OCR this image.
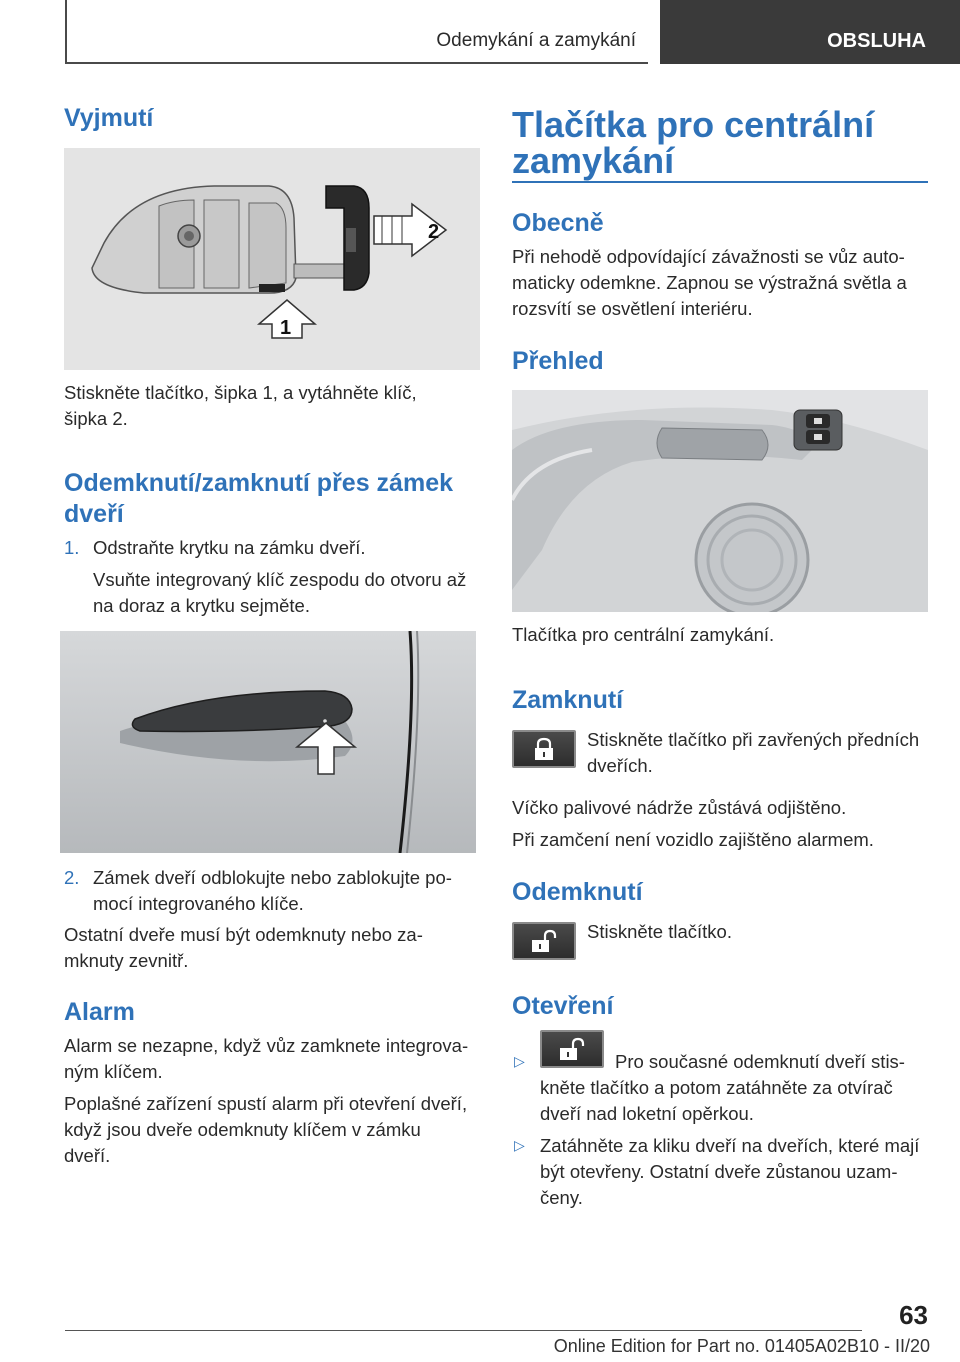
Odemykání a zamykání	OBSLUHA
Vyjmutí
2
1

Stiskněte tlačítko, šipka 1, a vytáhněte klíč,

šipka 2.

Odemknutí/zamknutí přes zámek
dveří
1. Odstraňte krytku na zámku dveří.

Vsuňte integrovaný klíč zespodu do otvoru až

na doraz a krytku sejměte.

2. Zámek dveří odblokujte nebo zablokujte po-

mocí integrovaného klíče.

Ostatní dveře musí být odemknuty nebo za-

mknuty zevnitř.

Alarm

Alarm se nezapne, když vůz zamknete integrova-

ným klíčem.

Poplašné zařízení spustí alarm při otevření dveří,

když jsou dveře odemknuty klíčem v zámku

dveří.

Tlačítka pro centrální
zamykání
Obecně

Při nehodě odpovídající závažnosti se vůz auto-

maticky odemkne. Zapnou se výstražná světla a

rozsvítí se osvětlení interiéru.

Přehled

Tlačítka pro centrální zamykání.

Zamknutí

Stiskněte tlačítko při zavřených předních

dveřích.

Víčko palivové nádrže zůstává odjištěno.

Při zamčení není vozidlo zajištěno alarmem.

Odemknutí

Stiskněte tlačítko.

Otevření
▷	Pro současné odemknutí dveří stis-

kněte tlačítko a potom zatáhněte za otvírač

dveří nad loketní opěrkou.

▷ Zatáhněte za kliku dveří na dveřích, které mají

být otevřeny. Ostatní dveře zůstanou uzam-

čeny.

63
Online Edition for Part no. 01405A02B10 - II/20
